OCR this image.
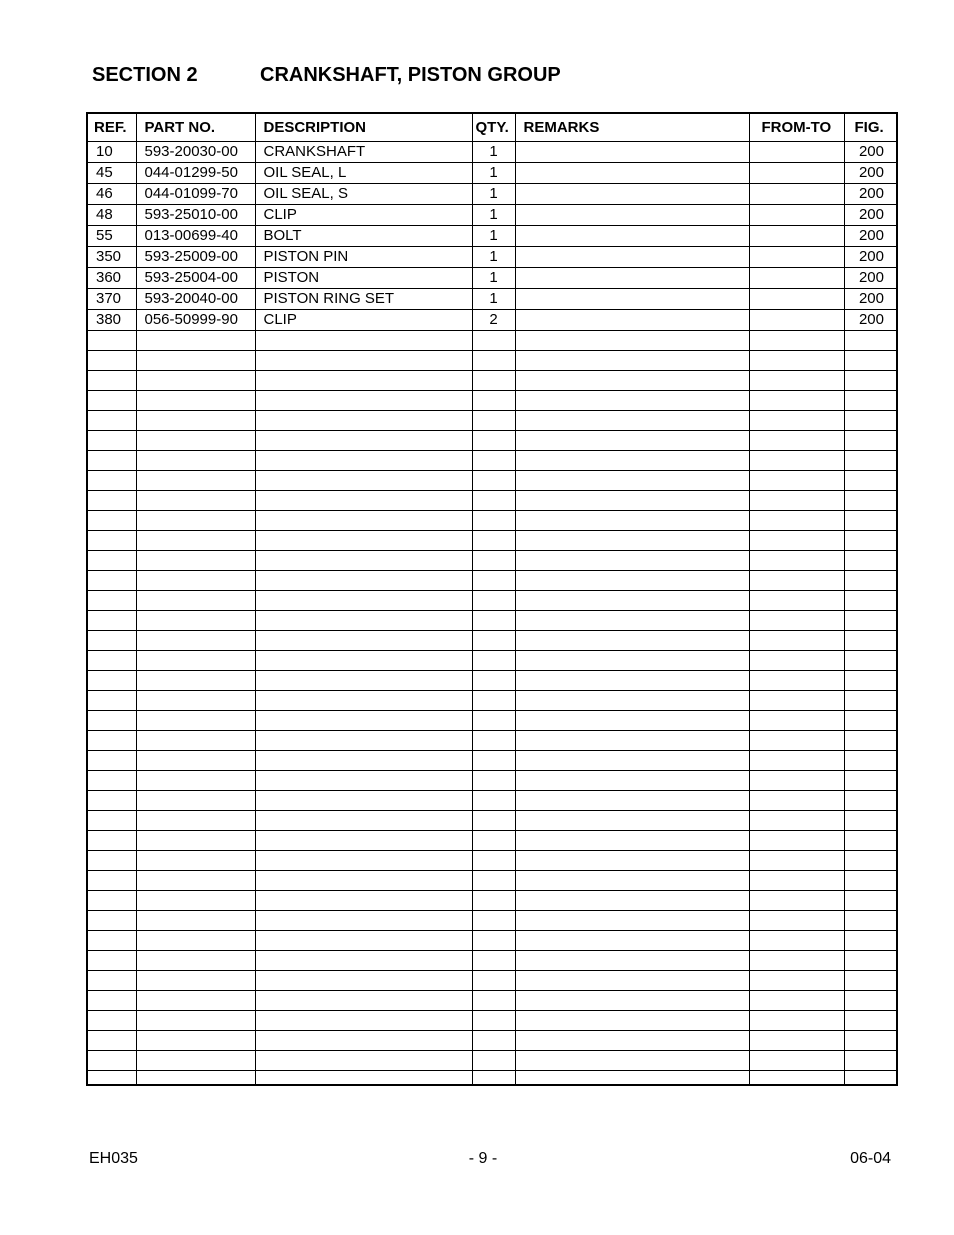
SECTION 2	CRANKSHAFT, PISTON GROUP
REF.	PART NO.	DESCRIPTION	QTY.	REMARKS	FROM-TO	FIG.
10	593-20030-00	CRANKSHAFT	1			200
45	044-01299-50	OIL SEAL, L	1			200
46	044-01099-70	OIL SEAL, S	1			200
48	593-25010-00	CLIP	1			200
55	013-00699-40	BOLT	1			200
350	593-25009-00	PISTON PIN	1			200
360	593-25004-00	PISTON	1			200
370	593-20040-00	PISTON RING SET	1			200
380	056-50999-90	CLIP	2			200

EH035	- 9 -	06-04
